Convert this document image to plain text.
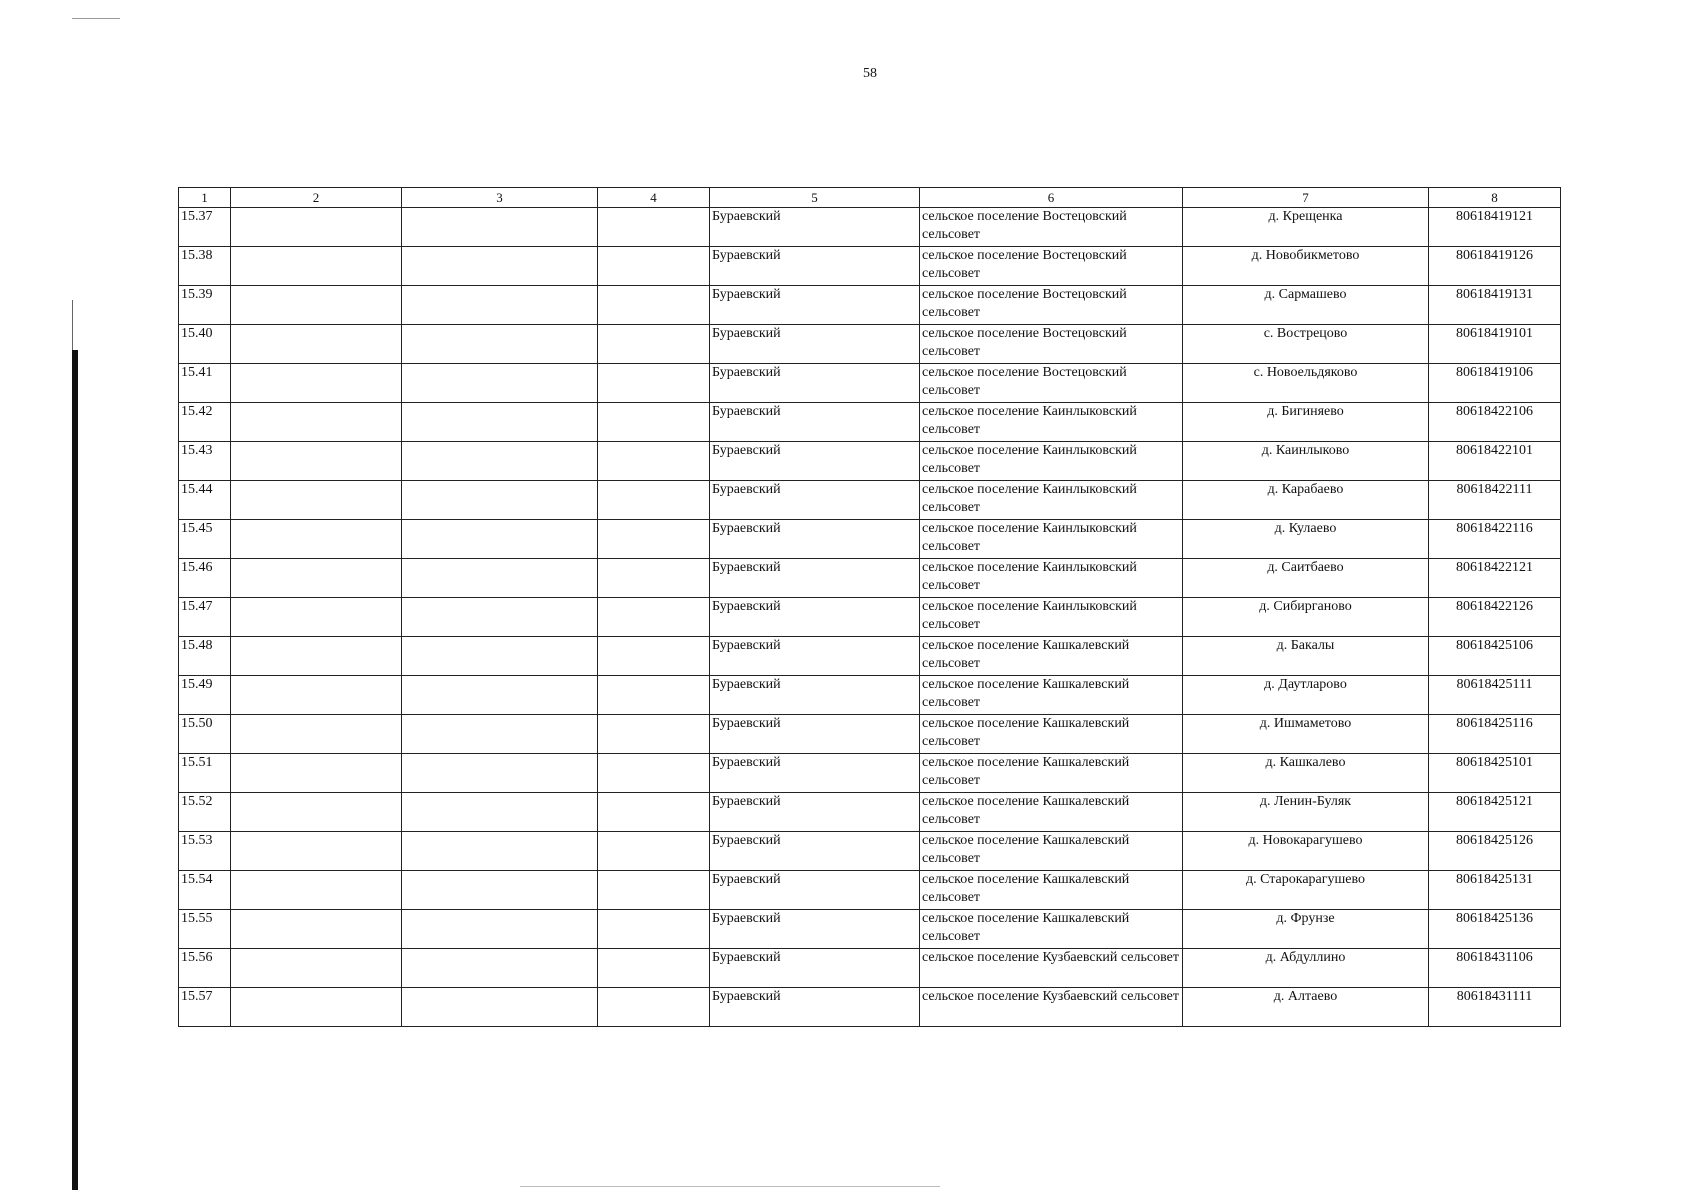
58
1	2	3	4	5	6	7	8
15.37				Бураевский	сельское поселение Востецовский сельсовет	д. Крещенка	80618419121
15.38				Бураевский	сельское поселение Востецовский сельсовет	д. Новобикметово	80618419126
15.39				Бураевский	сельское поселение Востецовский сельсовет	д. Сармашево	80618419131
15.40				Бураевский	сельское поселение Востецовский сельсовет	с. Вострецово	80618419101
15.41				Бураевский	сельское поселение Востецовский сельсовет	с. Новоельдяково	80618419106
15.42				Бураевский	сельское поселение Каинлыковский сельсовет	д. Бигиняево	80618422106
15.43				Бураевский	сельское поселение Каинлыковский сельсовет	д. Каинлыково	80618422101
15.44				Бураевский	сельское поселение Каинлыковский сельсовет	д. Карабаево	80618422111
15.45				Бураевский	сельское поселение Каинлыковский сельсовет	д. Кулаево	80618422116
15.46				Бураевский	сельское поселение Каинлыковский сельсовет	д. Саитбаево	80618422121
15.47				Бураевский	сельское поселение Каинлыковский сельсовет	д. Сибирганово	80618422126
15.48				Бураевский	сельское поселение Кашкалевский сельсовет	д. Бакалы	80618425106
15.49				Бураевский	сельское поселение Кашкалевский сельсовет	д. Даутларово	80618425111
15.50				Бураевский	сельское поселение Кашкалевский сельсовет	д. Ишмаметово	80618425116
15.51				Бураевский	сельское поселение Кашкалевский сельсовет	д. Кашкалево	80618425101
15.52				Бураевский	сельское поселение Кашкалевский сельсовет	д. Ленин-Буляк	80618425121
15.53				Бураевский	сельское поселение Кашкалевский сельсовет	д. Новокарагушево	80618425126
15.54				Бураевский	сельское поселение Кашкалевский сельсовет	д. Старокарагушево	80618425131
15.55				Бураевский	сельское поселение Кашкалевский сельсовет	д. Фрунзе	80618425136
15.56				Бураевский	сельское поселение Кузбаевский сельсовет	д. Абдуллино	80618431106
15.57				Бураевский	сельское поселение Кузбаевский сельсовет	д. Алтаево	80618431111
